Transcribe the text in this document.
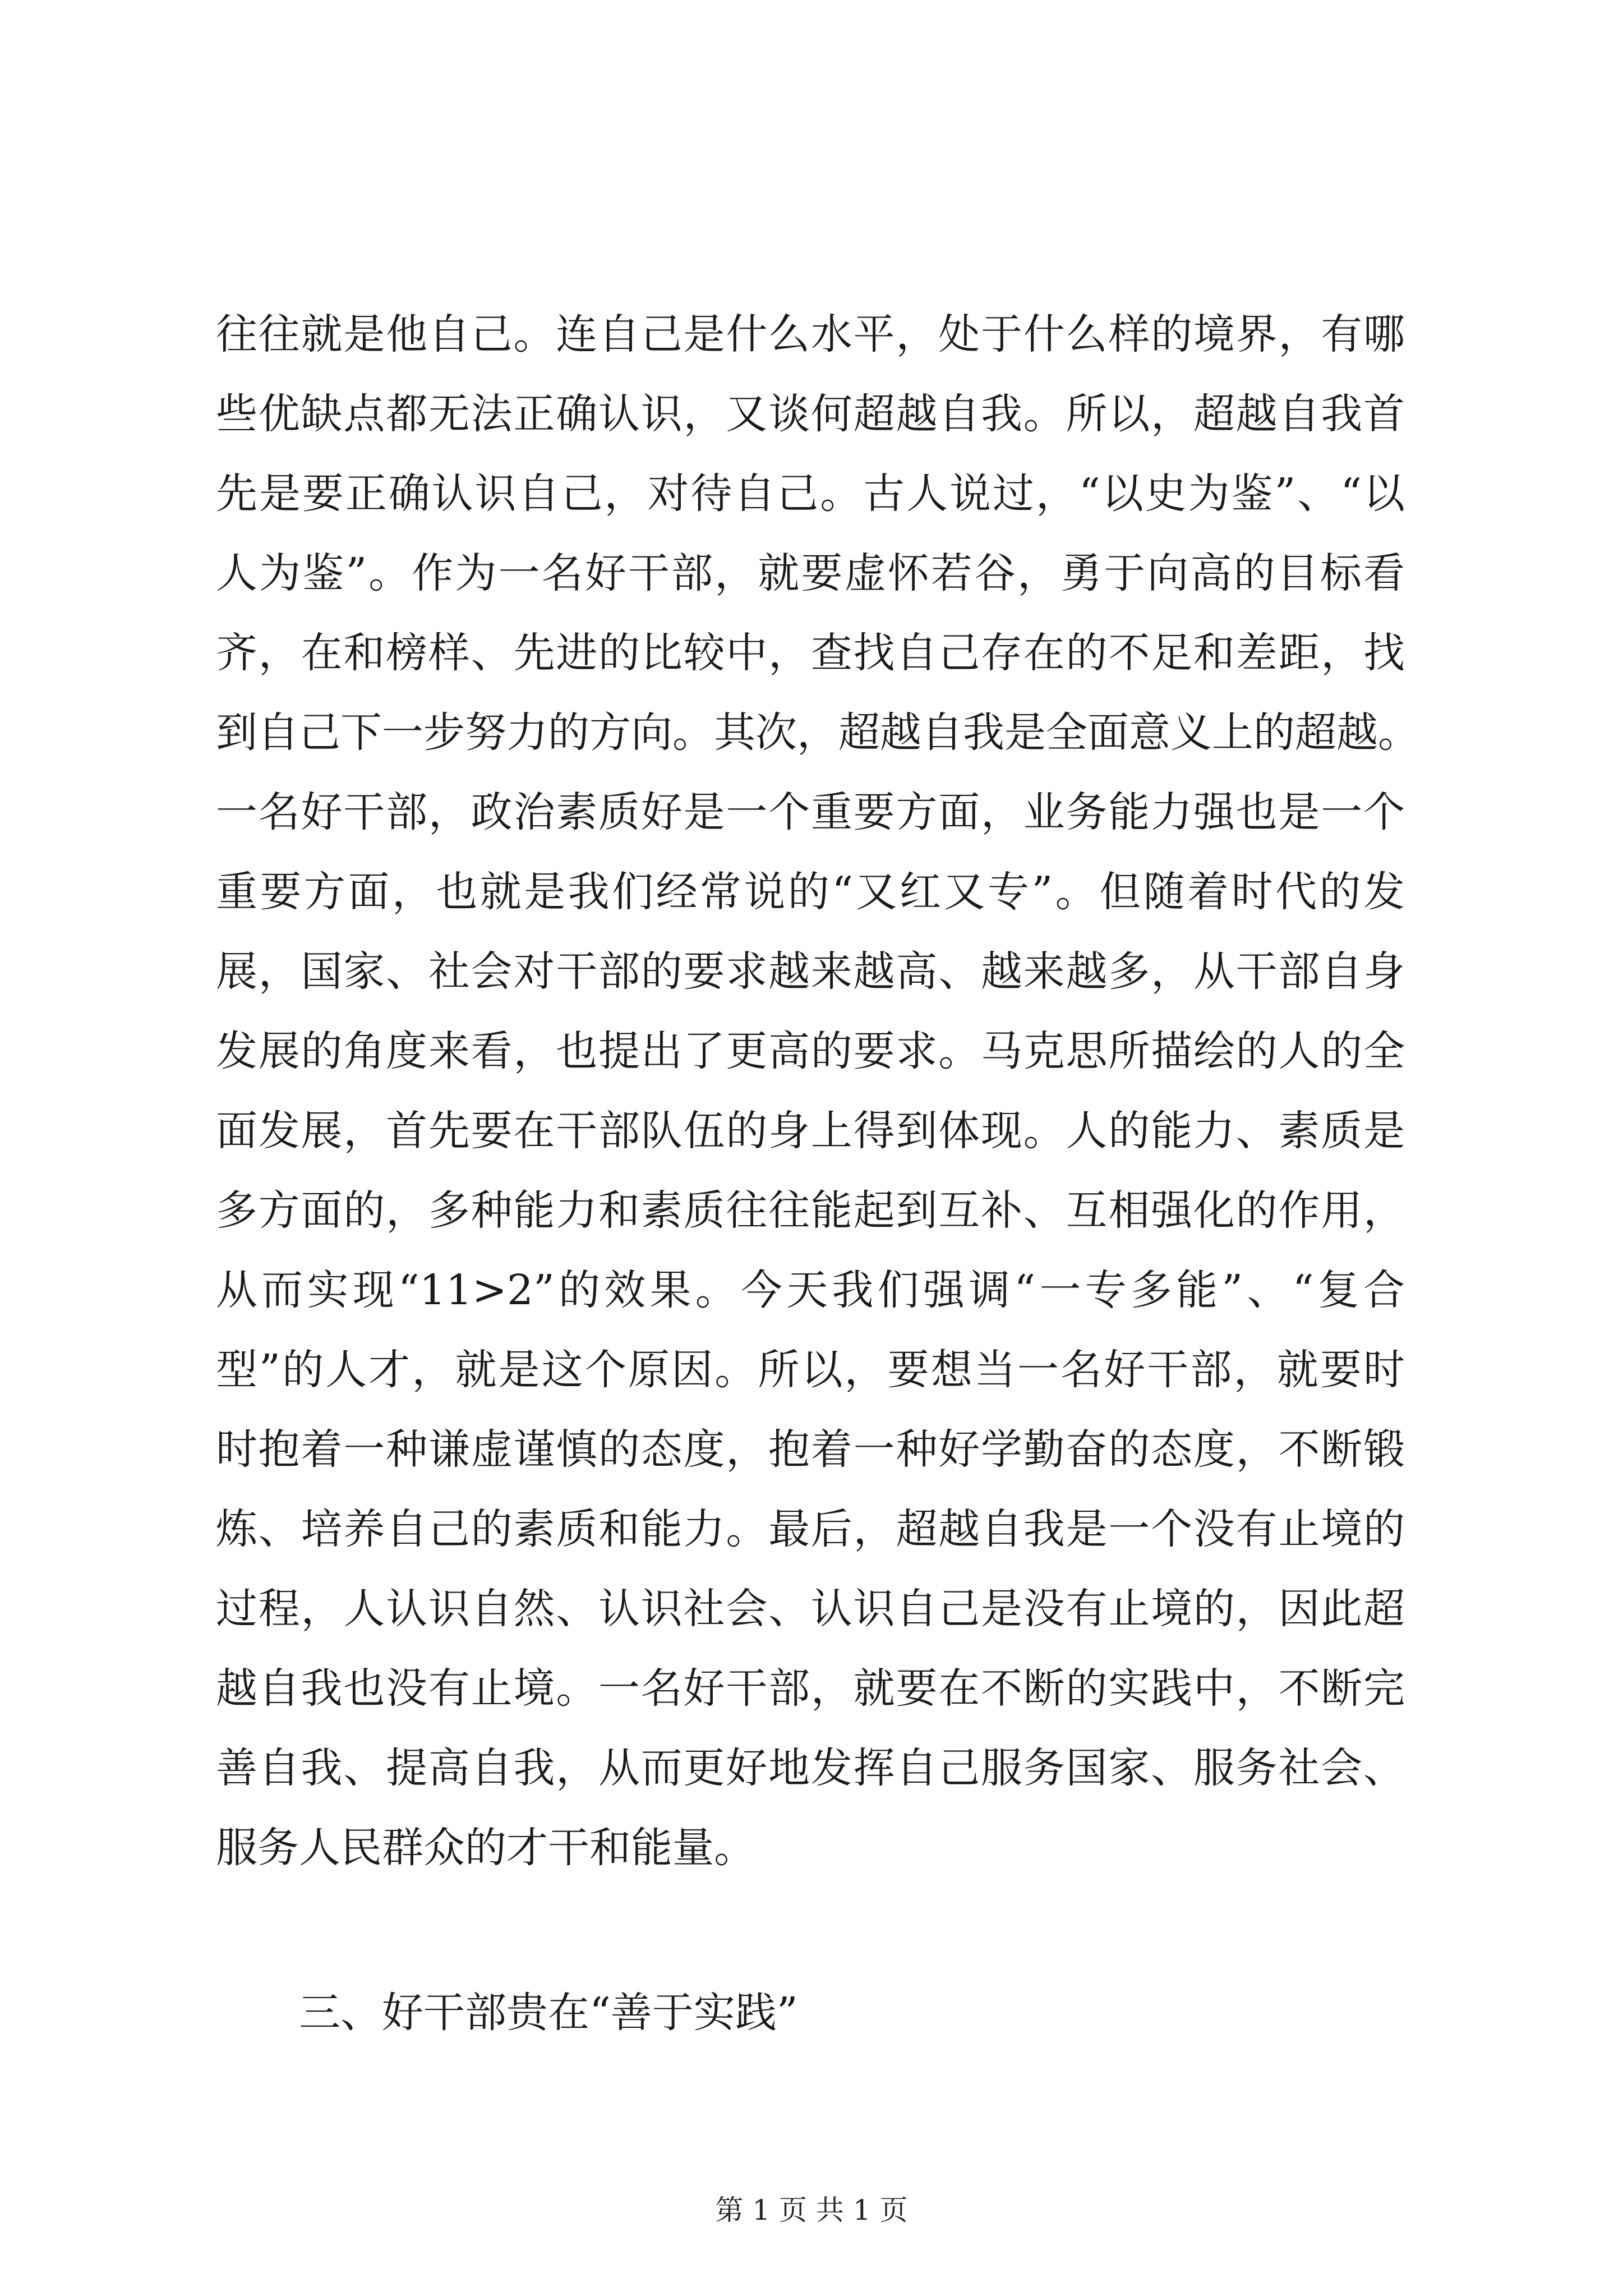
往往就是他自己。连自己是什么水平，处于什么样的境界，有哪
些优缺点都无法正确认识，又谈何超越自我。所以，超越自我首
先是要正确认识自己，对待自己。古人说过，“以史为鉴”、“以
人为鉴”。作为一名好干部，就要虚怀若谷，勇于向高的目标看
齐，在和榜样、先进的比较中，查找自己存在的不足和差距，找
到自己下一步努力的方向。其次，超越自我是全面意义上的超越。
一名好干部，政治素质好是一个重要方面，业务能力强也是一个
重要方面，也就是我们经常说的“又红又专”。但随着时代的发
展，国家、社会对干部的要求越来越高、越来越多，从干部自身
发展的角度来看，也提出了更高的要求。马克思所描绘的人的全
面发展，首先要在干部队伍的身上得到体现。人的能力、素质是
多方面的，多种能力和素质往往能起到互补、互相强化的作用，
从而实现“11>2”的效果。今天我们强调“一专多能”、“复合
型”的人才，就是这个原因。所以，要想当一名好干部，就要时
时抱着一种谦虚谨慎的态度，抱着一种好学勤奋的态度，不断锻
炼、培养自己的素质和能力。最后，超越自我是一个没有止境的
过程，人认识自然、认识社会、认识自己是没有止境的，因此超
越自我也没有止境。一名好干部，就要在不断的实践中，不断完
善自我、提高自我，从而更好地发挥自己服务国家、服务社会、
服务人民群众的才干和能量。
三、好干部贵在“善于实践”
第 1 页 共 1 页
